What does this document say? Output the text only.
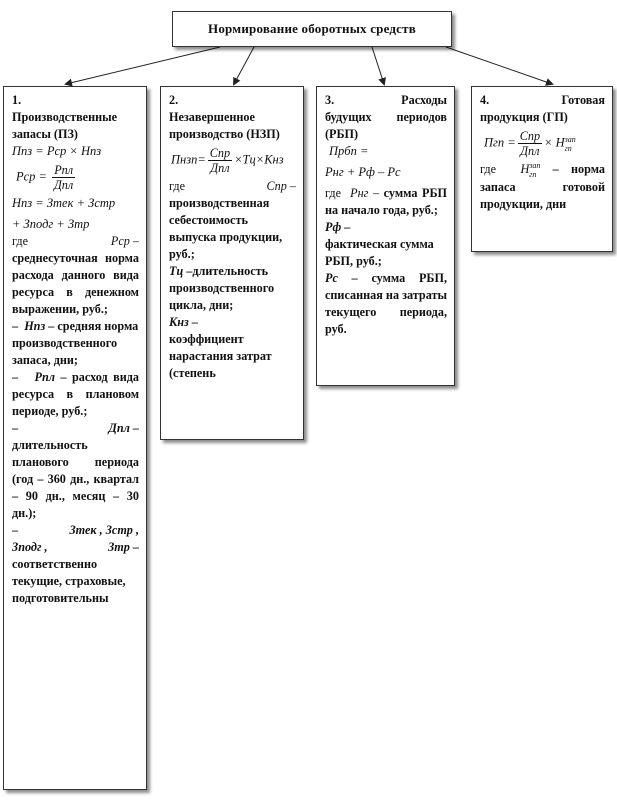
Нормирование оборотных средств
1.
Производственные запасы (ПЗ)
Ппз = Рср × Нпз
Рср = $\frac{\text{Рпл}}{\text{Дпл}}$
Нпз = Зтек + Зстр
+ Зподг + Зтр
где	Рср –
среднесуточная норма расхода данного вида ресурса в денежном выражении, руб.;
– Нпз – средняя норма производственного запаса, дни;
– Рпл – расход вида ресурса в плановом периоде, руб.;
–	Дпл –
длительность планового периода (год – 360 дн., квартал – 90 дн., месяц – 30 дн.);
–	Зтек , Зстр ,
Зподг ,	Зтр –
соответственно текущие, страховые, подготовительны
2.
Незавершенное производство (НЗП)
Пнзп= $\frac{\text{Спр}}{\text{Дпл}} \times Тц\times Кнз$
где	Спр –
производственная себестоимость выпуска продукции, руб.;
Тц –длительность производственного цикла, дни;
Кнз –
коэффициент нарастания затрат (степень
3.	Расходы будущих периодов (РБП)
Прбп =
Рнг + Рф – Рс
где Рнг – сумма РБП на начало года, руб.;
Рф –
фактическая сумма РБП, руб.;
Рс – сумма РБП, списанная на затраты текущего периода, руб.
4.	Готовая продукция (ГП)
Пгп = $\frac{\text{Спр}}{\text{Дпл}} \times Н$ зап
гп
где Н зап
гп	– норма запаса готовой продукции, дни
